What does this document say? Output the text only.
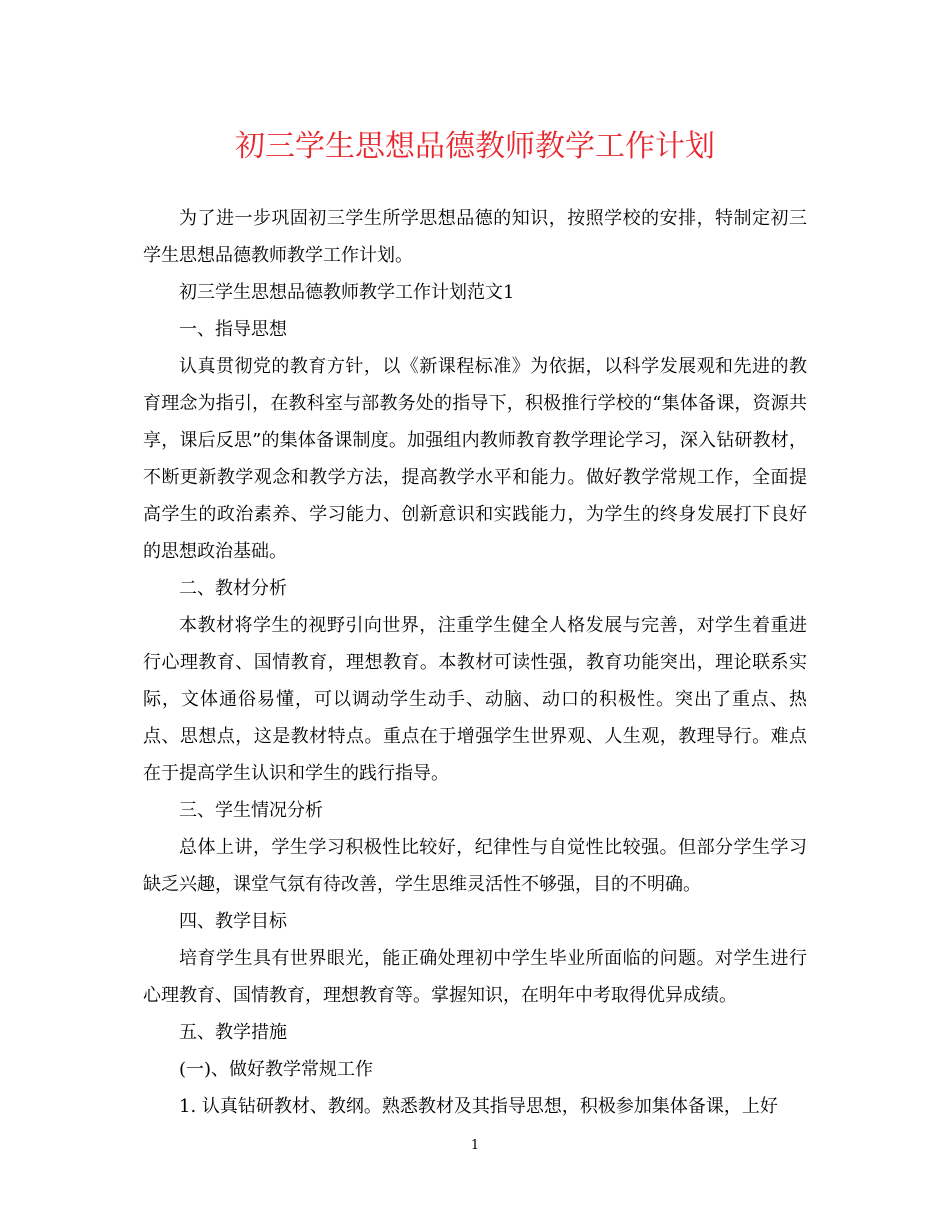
初三学生思想品德教师教学工作计划

为了进一步巩固初三学生所学思想品德的知识，按照学校的安排，特制定初三学生思想品德教师教学工作计划。

初三学生思想品德教师教学工作计划范文1

一、指导思想

认真贯彻党的教育方针，以《新课程标准》为依据，以科学发展观和先进的教育理念为指引，在教科室与部教务处的指导下，积极推行学校的“集体备课，资源共享，课后反思”的集体备课制度。加强组内教师教育教学理论学习，深入钻研教材，不断更新教学观念和教学方法，提高教学水平和能力。做好教学常规工作，全面提高学生的政治素养、学习能力、创新意识和实践能力，为学生的终身发展打下良好的思想政治基础。

二、教材分析

本教材将学生的视野引向世界，注重学生健全人格发展与完善，对学生着重进行心理教育、国情教育，理想教育。本教材可读性强，教育功能突出，理论联系实际，文体通俗易懂，可以调动学生动手、动脑、动口的积极性。突出了重点、热点、思想点，这是教材特点。重点在于增强学生世界观、人生观，教理导行。难点在于提高学生认识和学生的践行指导。

三、学生情况分析

总体上讲，学生学习积极性比较好，纪律性与自觉性比较强。但部分学生学习缺乏兴趣，课堂气氛有待改善，学生思维灵活性不够强，目的不明确。

四、教学目标

培育学生具有世界眼光，能正确处理初中学生毕业所面临的问题。对学生进行心理教育、国情教育，理想教育等。掌握知识，在明年中考取得优异成绩。

五、教学措施

(一)、做好教学常规工作

1. 认真钻研教材、教纲。熟悉教材及其指导思想，积极参加集体备课，上好

1
